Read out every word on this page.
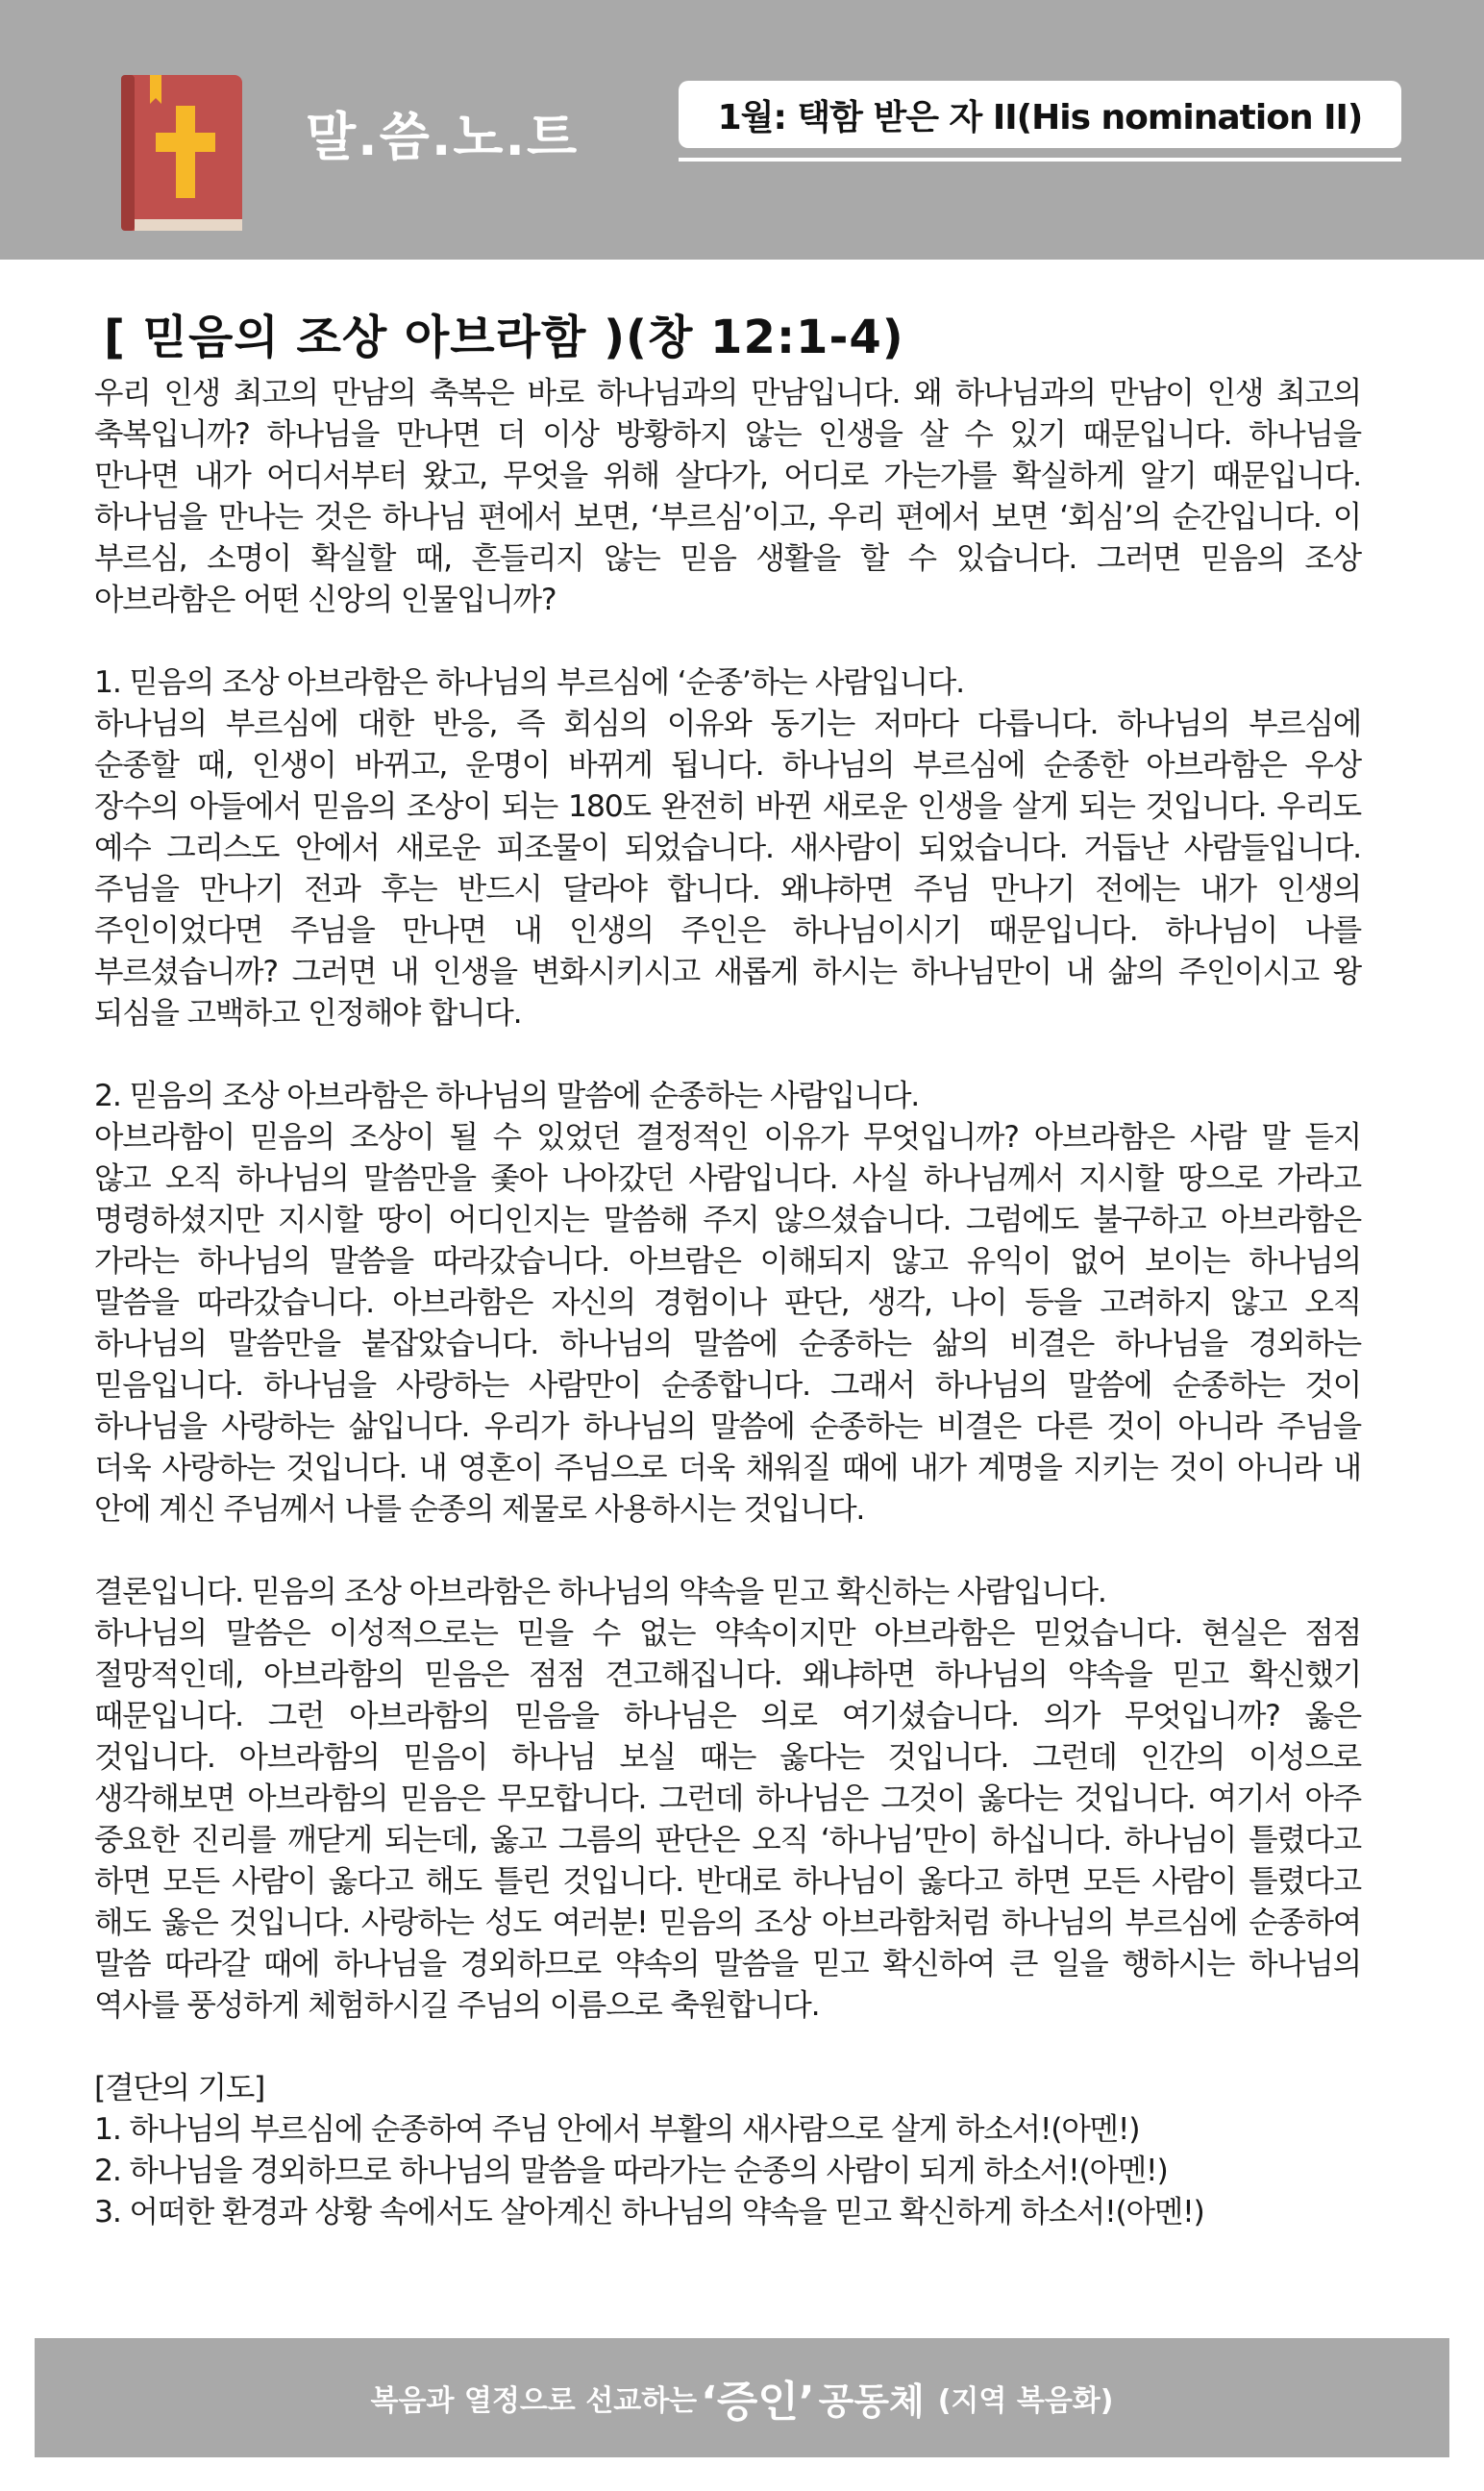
말.씀.노.트	1월: 택함 받은 자 II(His nomination II)
[ 믿음의 조상 아브라함 )(창 12:1-4)

우리 인생 최고의 만남의 축복은 바로 하나님과의 만남입니다. 왜 하나님과의 만남이 인생 최고의

축복입니까? 하나님을 만나면 더 이상 방황하지 않는 인생을 살 수 있기 때문입니다. 하나님을

만나면 내가 어디서부터 왔고, 무엇을 위해 살다가, 어디로 가는가를 확실하게 알기 때문입니다.

하나님을 만나는 것은 하나님 편에서 보면, ‘부르심’이고, 우리 편에서 보면 ‘회심’의 순간입니다. 이

부르심, 소명이 확실할 때, 흔들리지 않는 믿음 생활을 할 수 있습니다. 그러면 믿음의 조상

아브라함은 어떤 신앙의 인물입니까?

1. 믿음의 조상 아브라함은 하나님의 부르심에 ‘순종’하는 사람입니다.

하나님의 부르심에 대한 반응, 즉 회심의 이유와 동기는 저마다 다릅니다. 하나님의 부르심에

순종할 때, 인생이 바뀌고, 운명이 바뀌게 됩니다. 하나님의 부르심에 순종한 아브라함은 우상

장수의 아들에서 믿음의 조상이 되는 180도 완전히 바뀐 새로운 인생을 살게 되는 것입니다. 우리도

예수 그리스도 안에서 새로운 피조물이 되었습니다. 새사람이 되었습니다. 거듭난 사람들입니다.

주님을 만나기 전과 후는 반드시 달라야 합니다. 왜냐하면 주님 만나기 전에는 내가 인생의

주인이었다면 주님을 만나면 내 인생의 주인은 하나님이시기 때문입니다. 하나님이 나를

부르셨습니까? 그러면 내 인생을 변화시키시고 새롭게 하시는 하나님만이 내 삶의 주인이시고 왕

되심을 고백하고 인정해야 합니다.

2. 믿음의 조상 아브라함은 하나님의 말씀에 순종하는 사람입니다.

아브라함이 믿음의 조상이 될 수 있었던 결정적인 이유가 무엇입니까? 아브라함은 사람 말 듣지

않고 오직 하나님의 말씀만을 좇아 나아갔던 사람입니다. 사실 하나님께서 지시할 땅으로 가라고

명령하셨지만 지시할 땅이 어디인지는 말씀해 주지 않으셨습니다. 그럼에도 불구하고 아브라함은

가라는 하나님의 말씀을 따라갔습니다. 아브람은 이해되지 않고 유익이 없어 보이는 하나님의

말씀을 따라갔습니다. 아브라함은 자신의 경험이나 판단, 생각, 나이 등을 고려하지 않고 오직

하나님의 말씀만을 붙잡았습니다. 하나님의 말씀에 순종하는 삶의 비결은 하나님을 경외하는

믿음입니다. 하나님을 사랑하는 사람만이 순종합니다. 그래서 하나님의 말씀에 순종하는 것이

하나님을 사랑하는 삶입니다. 우리가 하나님의 말씀에 순종하는 비결은 다른 것이 아니라 주님을

더욱 사랑하는 것입니다. 내 영혼이 주님으로 더욱 채워질 때에 내가 계명을 지키는 것이 아니라 내

안에 계신 주님께서 나를 순종의 제물로 사용하시는 것입니다.

결론입니다. 믿음의 조상 아브라함은 하나님의 약속을 믿고 확신하는 사람입니다.

하나님의 말씀은 이성적으로는 믿을 수 없는 약속이지만 아브라함은 믿었습니다. 현실은 점점

절망적인데, 아브라함의 믿음은 점점 견고해집니다. 왜냐하면 하나님의 약속을 믿고 확신했기

때문입니다. 그런 아브라함의 믿음을 하나님은 의로 여기셨습니다. 의가 무엇입니까? 옳은

것입니다. 아브라함의 믿음이 하나님 보실 때는 옳다는 것입니다. 그런데 인간의 이성으로

생각해보면 아브라함의 믿음은 무모합니다. 그런데 하나님은 그것이 옳다는 것입니다. 여기서 아주

중요한 진리를 깨닫게 되는데, 옳고 그름의 판단은 오직 ‘하나님’만이 하십니다. 하나님이 틀렸다고

하면 모든 사람이 옳다고 해도 틀린 것입니다. 반대로 하나님이 옳다고 하면 모든 사람이 틀렸다고

해도 옳은 것입니다. 사랑하는 성도 여러분! 믿음의 조상 아브라함처럼 하나님의 부르심에 순종하여

말씀 따라갈 때에 하나님을 경외하므로 약속의 말씀을 믿고 확신하여 큰 일을 행하시는 하나님의

역사를 풍성하게 체험하시길 주님의 이름으로 축원합니다.

[결단의 기도]

1. 하나님의 부르심에 순종하여 주님 안에서 부활의 새사람으로 살게 하소서!(아멘!)

2. 하나님을 경외하므로 하나님의 말씀을 따라가는 순종의 사람이 되게 하소서!(아멘!)

3. 어떠한 환경과 상황 속에서도 살아계신 하나님의 약속을 믿고 확신하게 하소서!(아멘!)

복음과 열정으로 선교하는 ‘증인’ 공동체 (지역 복음화)
